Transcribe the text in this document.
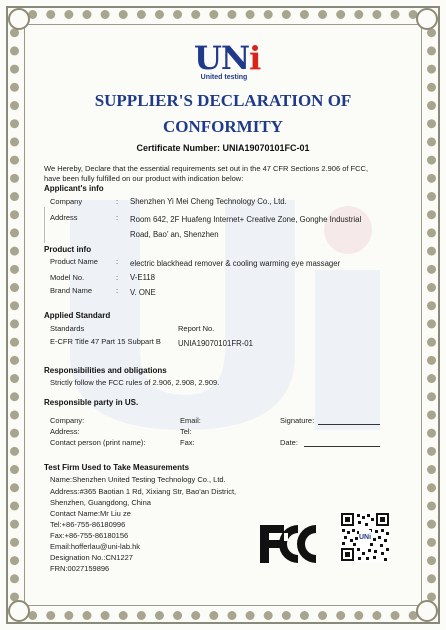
UNi
United testing
SUPPLIER'S DECLARATION OF
CONFORMITY
Certificate Number: UNIA19070101FC-01
We Hereby, Declare that the essential requirements set out in the 47 CFR Sections 2.906 of FCC,
have been fully fulfilled on our product with indication below:
Applicant's info
Company	: Shenzhen Yi Mei Cheng Technology Co., Ltd.
Address	: Room 642, 2F Huafeng Internet+ Creative Zone, Gonghe Industrial
Road, Bao’ an, Shenzhen
Product info
Product Name : electric blackhead remover & cooling warming eye massager
Model No.	: V-E118
Brand Name	: V. ONE
Applied Standard
Standards	Report No.
E-CFR Title 47 Part 15 Subpart B UNIA19070101FR-01
Responsibilities and obligations
Strictly follow the FCC rules of 2.906, 2.908, 2.909.
Responsible party in US.
Company:
Address:
Contact person (print name):
Email:
Tel:
Fax:
Signature:
Date:
Test Firm Used to Take Measurements
Name:Shenzhen United Testing Technology Co., Ltd.
Address:#365 Baotian 1 Rd, Xixiang Str, Bao'an District,
Shenzhen, Guangdong, China
Contact Name:Mr Liu ze
Tel:+86-755-86180996
Fax:+86-755-86180156
Email:hofferlau@uni-lab.hk
Designation No.:CN1227
FRN:0027159896
UNi
